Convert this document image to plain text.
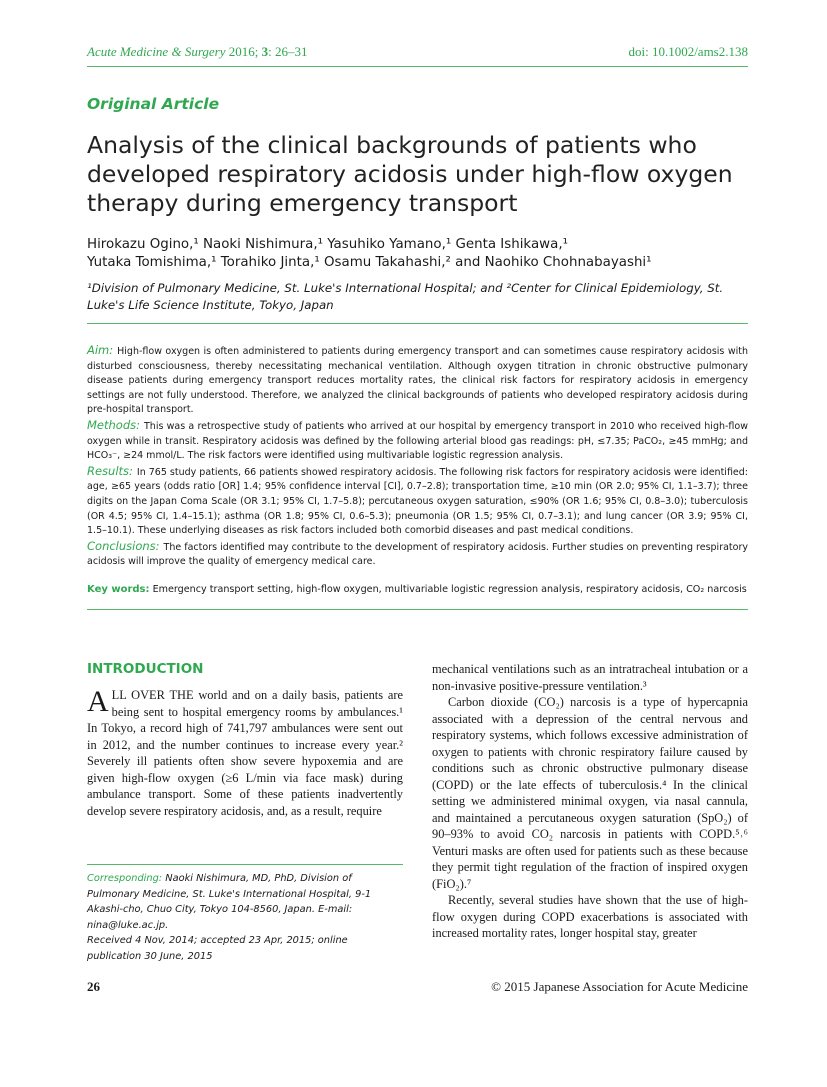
Acute Medicine & Surgery 2016; 3: 26–31	doi: 10.1002/ams2.138
Original Article
Analysis of the clinical backgrounds of patients who developed respiratory acidosis under high-flow oxygen therapy during emergency transport
Hirokazu Ogino,¹ Naoki Nishimura,¹ Yasuhiko Yamano,¹ Genta Ishikawa,¹
Yutaka Tomishima,¹ Torahiko Jinta,¹ Osamu Takahashi,² and Naohiko Chohnabayashi¹
¹Division of Pulmonary Medicine, St. Luke's International Hospital; and ²Center for Clinical Epidemiology, St. Luke's Life Science Institute, Tokyo, Japan

Aim: High-flow oxygen is often administered to patients during emergency transport and can sometimes cause respiratory acidosis with disturbed consciousness, thereby necessitating mechanical ventilation. Although oxygen titration in chronic obstructive pulmonary disease patients during emergency transport reduces mortality rates, the clinical risk factors for respiratory acidosis in emergency settings are not fully understood. Therefore, we analyzed the clinical backgrounds of patients who developed respiratory acidosis during pre-hospital transport.

Methods: This was a retrospective study of patients who arrived at our hospital by emergency transport in 2010 who received high-flow oxygen while in transit. Respiratory acidosis was defined by the following arterial blood gas readings: pH, ≤7.35; PaCO₂, ≥45 mmHg; and HCO₃⁻, ≥24 mmol/L. The risk factors were identified using multivariable logistic regression analysis.

Results: In 765 study patients, 66 patients showed respiratory acidosis. The following risk factors for respiratory acidosis were identified: age, ≥65 years (odds ratio [OR] 1.4; 95% confidence interval [CI], 0.7–2.8); transportation time, ≥10 min (OR 2.0; 95% CI, 1.1–3.7); three digits on the Japan Coma Scale (OR 3.1; 95% CI, 1.7–5.8); percutaneous oxygen saturation, ≤90% (OR 1.6; 95% CI, 0.8–3.0); tuberculosis (OR 4.5; 95% CI, 1.4–15.1); asthma (OR 1.8; 95% CI, 0.6–5.3); pneumonia (OR 1.5; 95% CI, 0.7–3.1); and lung cancer (OR 3.9; 95% CI, 1.5–10.1). These underlying diseases as risk factors included both comorbid diseases and past medical conditions.

Conclusions: The factors identified may contribute to the development of respiratory acidosis. Further studies on preventing respiratory acidosis will improve the quality of emergency medical care.

Key words: Emergency transport setting, high-flow oxygen, multivariable logistic regression analysis, respiratory acidosis, CO₂ narcosis
INTRODUCTION

ALL OVER THE world and on a daily basis, patients are being sent to hospital emergency rooms by ambulances.¹ In Tokyo, a record high of 741,797 ambulances were sent out in 2012, and the number continues to increase every year.² Severely ill patients often show severe hypoxemia and are given high-flow oxygen (≥6 L/min via face mask) during ambulance transport. Some of these patients inadvertently develop severe respiratory acidosis, and, as a result, require

mechanical ventilations such as an intratracheal intubation or a non-invasive positive-pressure ventilation.³

Carbon dioxide (CO₂) narcosis is a type of hypercapnia associated with a depression of the central nervous and respiratory systems, which follows excessive administration of oxygen to patients with chronic respiratory failure caused by conditions such as chronic obstructive pulmonary disease (COPD) or the late effects of tuberculosis.⁴ In the clinical setting we administered minimal oxygen, via nasal cannula, and maintained a percutaneous oxygen saturation (SpO₂) of 90–93% to avoid CO₂ narcosis in patients with COPD.⁵˒⁶ Venturi masks are often used for patients such as these because they permit tight regulation of the fraction of inspired oxygen (FiO₂).⁷

Recently, several studies have shown that the use of high-flow oxygen during COPD exacerbations is associated with increased mortality rates, longer hospital stay, greater

Corresponding: Naoki Nishimura, MD, PhD, Division of Pulmonary Medicine, St. Luke's International Hospital, 9-1 Akashi-cho, Chuo City, Tokyo 104-8560, Japan. E-mail: nina@luke.ac.jp.
Received 4 Nov, 2014; accepted 23 Apr, 2015; online publication 30 June, 2015
26	© 2015 Japanese Association for Acute Medicine
